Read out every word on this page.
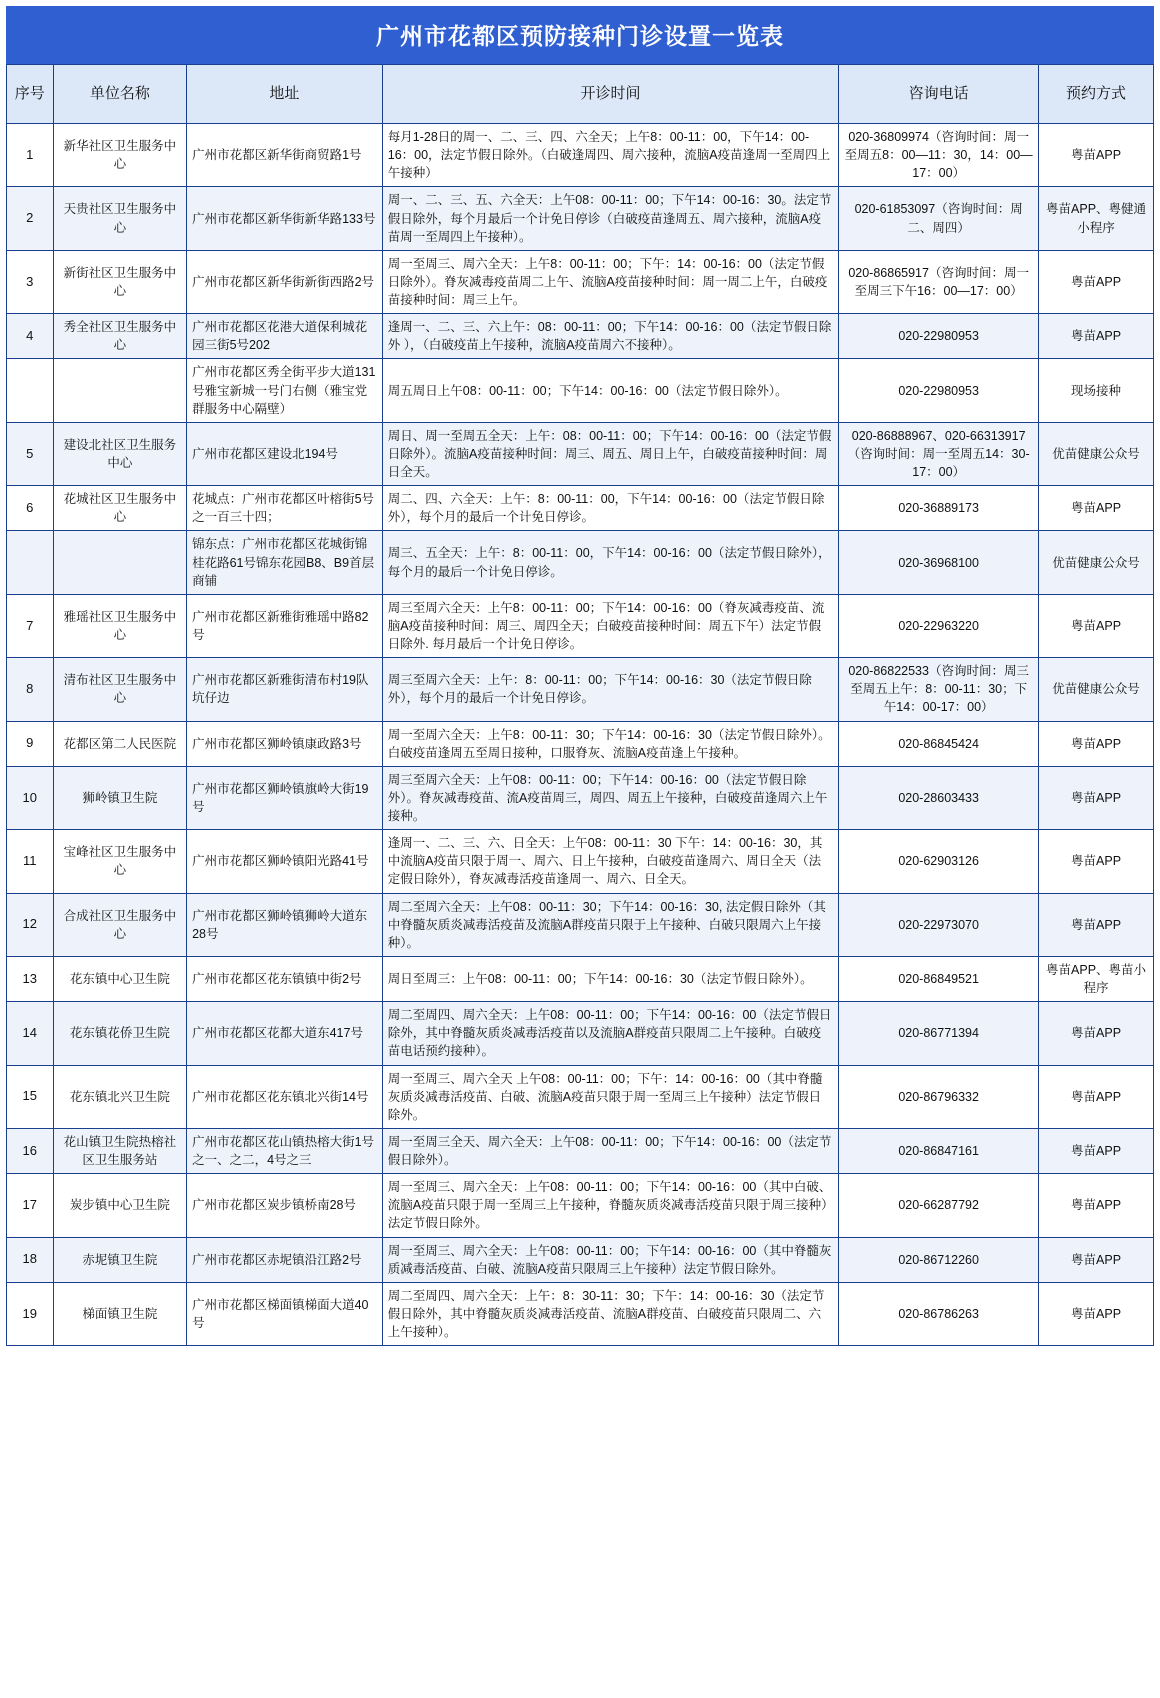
广州市花都区预防接种门诊设置一览表
序号	单位名称	地址	开诊时间	咨询电话	预约方式
1	新华社区卫生服务中心	广州市花都区新华街商贸路1号	每月1-28日的周一、二、三、四、六全天；上午8：00-11：00，下午14：00-16：00，法定节假日除外。（白破逢周四、周六接种，流脑A疫苗逢周一至周四上午接种）	020-36809974（咨询时间：周一至周五8：00—11：30，14：00—17：00）	粤苗APP
2	天贵社区卫生服务中心	广州市花都区新华街新华路133号	周一、二、三、五、六全天：上午08：00-11：00；下午14：00-16：30。法定节假日除外，每个月最后一个计免日停诊（白破疫苗逢周五、周六接种，流脑A疫苗周一至周四上午接种）。	020-61853097（咨询时间：周二、周四）	粤苗APP、粤健通小程序
3	新街社区卫生服务中心	广州市花都区新华街新街西路2号	周一至周三、周六全天：上午8：00-11：00；下午：14：00-16：00（法定节假日除外）。脊灰减毒疫苗周二上午、流脑A疫苗接种时间：周一周二上午，白破疫苗接种时间：周三上午。	020-86865917（咨询时间：周一至周三下午16：00—17：00）	粤苗APP
4	秀全社区卫生服务中心	广州市花都区花港大道保利城花园三街5号202	逢周一、二、三、六上午：08：00-11：00；下午14：00-16：00（法定节假日除外 ），（白破疫苗上午接种，流脑A疫苗周六不接种）。	020-22980953	粤苗APP
		广州市花都区秀全街平步大道131号雅宝新城一号门右侧（雅宝党群服务中心隔壁）	周五周日上午08：00-11：00；下午14：00-16：00（法定节假日除外）。	020-22980953	现场接种
5	建设北社区卫生服务中心	广州市花都区建设北194号	周日、周一至周五全天：上午：08：00-11：00；下午14：00-16：00（法定节假日除外）。流脑A疫苗接种时间：周三、周五、周日上午，白破疫苗接种时间：周日全天。	020-86888967、020-66313917（咨询时间：周一至周五14：30-17：00）	优苗健康公众号
6	花城社区卫生服务中心	花城点：广州市花都区叶榕街5号之一百三十四；	周二、四、六全天：上午：8：00-11：00，下午14：00-16：00（法定节假日除外），每个月的最后一个计免日停诊。	020-36889173	粤苗APP
		锦东点：广州市花都区花城街锦桂花路61号锦东花园B8、B9首层商铺	周三、五全天：上午：8：00-11：00，下午14：00-16：00（法定节假日除外），每个月的最后一个计免日停诊。	020-36968100	优苗健康公众号
7	雅瑶社区卫生服务中心	广州市花都区新雅街雅瑶中路82号	周三至周六全天：上午8：00-11：00；下午14：00-16：00（脊灰减毒疫苗、流脑A疫苗接种时间：周三、周四全天；白破疫苗接种时间：周五下午）法定节假日除外. 每月最后一个计免日停诊。	020-22963220	粤苗APP
8	清布社区卫生服务中心	广州市花都区新雅街清布村19队坑仔边	周三至周六全天：上午：8：00-11：00；下午14：00-16：30（法定节假日除外），每个月的最后一个计免日停诊。	020-86822533（咨询时间：周三至周五上午：8：00-11：30；下午14：00-17：00）	优苗健康公众号
9	花都区第二人民医院	广州市花都区狮岭镇康政路3号	周一至周六全天：上午8：00-11：30；下午14：00-16：30（法定节假日除外）。白破疫苗逢周五至周日接种，口服脊灰、流脑A疫苗逢上午接种。	020-86845424	粤苗APP
10	狮岭镇卫生院	广州市花都区狮岭镇旗岭大街19号	周三至周六全天：上午08：00-11：00；下午14：00-16：00（法定节假日除外）。脊灰减毒疫苗、流A疫苗周三，周四、周五上午接种，白破疫苗逢周六上午接种。	020-28603433	粤苗APP
11	宝峰社区卫生服务中心	广州市花都区狮岭镇阳光路41号	逢周一、二、三、六、日全天：上午08：00-11：30 下午：14：00-16：30，其中流脑A疫苗只限于周一、周六、日上午接种，白破疫苗逢周六、周日全天（法定假日除外），脊灰减毒活疫苗逢周一、周六、日全天。	020-62903126	粤苗APP
12	合成社区卫生服务中心	广州市花都区狮岭镇狮岭大道东28号	周二至周六全天：上午08：00-11：30；下午14：00-16：30, 法定假日除外（其中脊髓灰质炎减毒活疫苗及流脑A群疫苗只限于上午接种、白破只限周六上午接种）。	020-22973070	粤苗APP
13	花东镇中心卫生院	广州市花都区花东镇镇中街2号	周日至周三：上午08：00-11：00；下午14：00-16：30（法定节假日除外）。	020-86849521	粤苗APP、粤苗小程序
14	花东镇花侨卫生院	广州市花都区花都大道东417号	周二至周四、周六全天：上午08：00-11：00；下午14：00-16：00（法定节假日除外，其中脊髓灰质炎减毒活疫苗以及流脑A群疫苗只限周二上午接种。白破疫苗电话预约接种）。	020-86771394	粤苗APP
15	花东镇北兴卫生院	广州市花都区花东镇北兴街14号	周一至周三、周六全天 上午08：00-11：00；下午：14：00-16：00（其中脊髓灰质炎减毒活疫苗、白破、流脑A疫苗只限于周一至周三上午接种）法定节假日除外。	020-86796332	粤苗APP
16	花山镇卫生院热榕社区卫生服务站	广州市花都区花山镇热榕大街1号之一、之二，4号之三	周一至周三全天、周六全天：上午08：00-11：00；下午14：00-16：00（法定节假日除外）。	020-86847161	粤苗APP
17	炭步镇中心卫生院	广州市花都区炭步镇桥南28号	周一至周三、周六全天：上午08：00-11：00；下午14：00-16：00（其中白破、流脑A疫苗只限于周一至周三上午接种，脊髓灰质炎减毒活疫苗只限于周三接种）法定节假日除外。	020-66287792	粤苗APP
18	赤坭镇卫生院	广州市花都区赤坭镇沿江路2号	周一至周三、周六全天：上午08：00-11：00；下午14：00-16：00（其中脊髓灰质减毒活疫苗、白破、流脑A疫苗只限周三上午接种）法定节假日除外。	020-86712260	粤苗APP
19	梯面镇卫生院	广州市花都区梯面镇梯面大道40号	周二至周四、周六全天：上午：8：30-11：30；下午：14：00-16：30（法定节假日除外，其中脊髓灰质炎减毒活疫苗、流脑A群疫苗、白破疫苗只限周二、六上午接种）。	020-86786263	粤苗APP
